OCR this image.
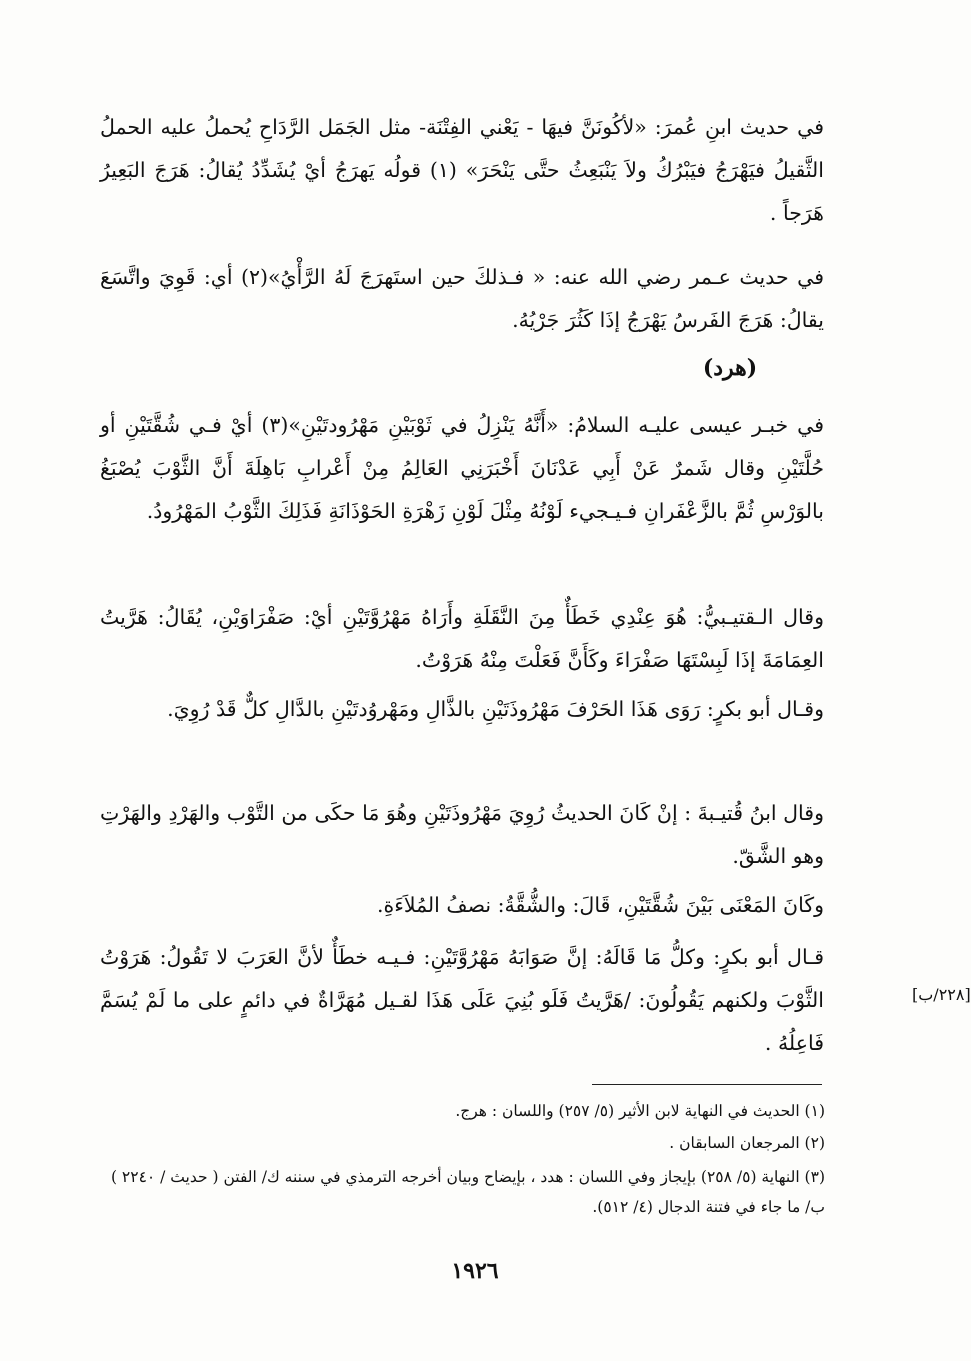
في حديث ابنِ عُمرَ: «لأكُونَنَّ فيهَا - يَعْني الفِتْنَة- مثل الجَمَل الرَّدَاحِ يُحملُ عليه الحملُ الثَّقيلُ فيَهْرَجُ فيَبْرُكُ ولاَ يَنْبَعِثُ حتَّى يَنْحَرَ» (١) قولُه يَهرَجُ أيْ يُشَدِّدُ يُقالُ: هَرَجَ البَعِيرُ هَرَجاً .

في حديث عـمر رضي الله عنه: « فـذلكَ حين استَهرَجَ لَهُ الرَّأْيُ»(٢) أي: قَوِيَ واتَّسَعَ يقالُ: هَرَجَ الفَرسُ يَهْرَجُ إذَا كَثُرَ جَرْيُهُ.

(هرد)

في خبـر عيسى عليـه السلامُ: «أَنَّهُ يَنْزِلُ في ثَوْبَيْنِ مَهْرُودتَيْنِ»(٣) أيْ فـي شُقَّتَيْنِ أو حُلَّتَيْنِ وقال شَمرٌ عَنْ أَبِي عَدْنَانَ أَخْبَرَنِي العَالِمُ مِنْ أَعْرابِ بَاهِلَةَ أَنَّ الثَّوْبَ يُصْبَغُ بالوَرْسِ ثُمَّ بالزَّعْفَرانِ فـيـجيء لَوْنُهُ مِثْلَ لَوْنِ زَهْرَةِ الحَوْذَانَةِ فَذَلِكَ الثَّوْبُ المَهْرُودُ.

وقال الـقتيـبيُّ: هُوَ عِنْدِي خَطَأٌ مِنَ النَّقَلَةِ وأَرَاهُ مَهْرُوَّتَيْنِ أيْ: صَفْرَاوَيْنِ، يُقَالُ: هَرَّيتُ العِمَامَةَ إذَا لَبِسْتَهَا صَفْرَاءَ وكَأَنَّ فَعَلْتَ مِنْهُ هَرَوْتُ.

وقـال أبو بكرٍ: رَوَى هَذَا الحَرْفَ مَهْرُوذَتَيْنِ بالذَّالِ ومَهْروُدتَيْنِ بالدَّالِ كلٌّ قَدْ رُوِيَ.

وقال ابنُ قُتيـبةَ : إنْ كَانَ الحديثُ رُوِيَ مَهْرُوذَتَيْنِ وهُوَ مَا حكَى من التَّوْب والهَرْدِ والهَرْتِ وهو الشَّقّ.

وكَانَ المَعْنَى بَيْنَ شُقَّتَيْنِ، قَالَ: والشُّقَّةُ: نصفُ المُلاَءَةِ.

قـال أبو بكرٍ: وكلُّ مَا قَالَهُ: إنَّ صَوَابَهُ مَهْرُوَّتَيْنِ: فـيـه خطَأٌ لأنَّ العَرَبَ لا تَقُولُ: هَرَوْتُ الثَّوْبَ ولكنهم يَقُولُونَ: /هَرَّيتُ فَلَو بُنِيَ عَلَى هَذَا لقـيل مُهَرَّاةٌ في دائمٍ على ما لَمْ يُسَمَّ فَاعِلُهُ .

[٢٢٨/ب]

(١) الحديث في النهاية لابن الأثير (٥/ ٢٥٧) واللسان : هرج.

(٢) المرجعان السابقان .

(٣) النهاية (٥/ ٢٥٨) بإيجاز وفي اللسان : هدد ، بإيضاح وبيان أخرجه الترمذي في سننه ك/ الفتن ( حديث / ٢٢٤٠ ) ب/ ما جاء في فتنة الدجال (٤/ ٥١٢).

١٩٢٦
